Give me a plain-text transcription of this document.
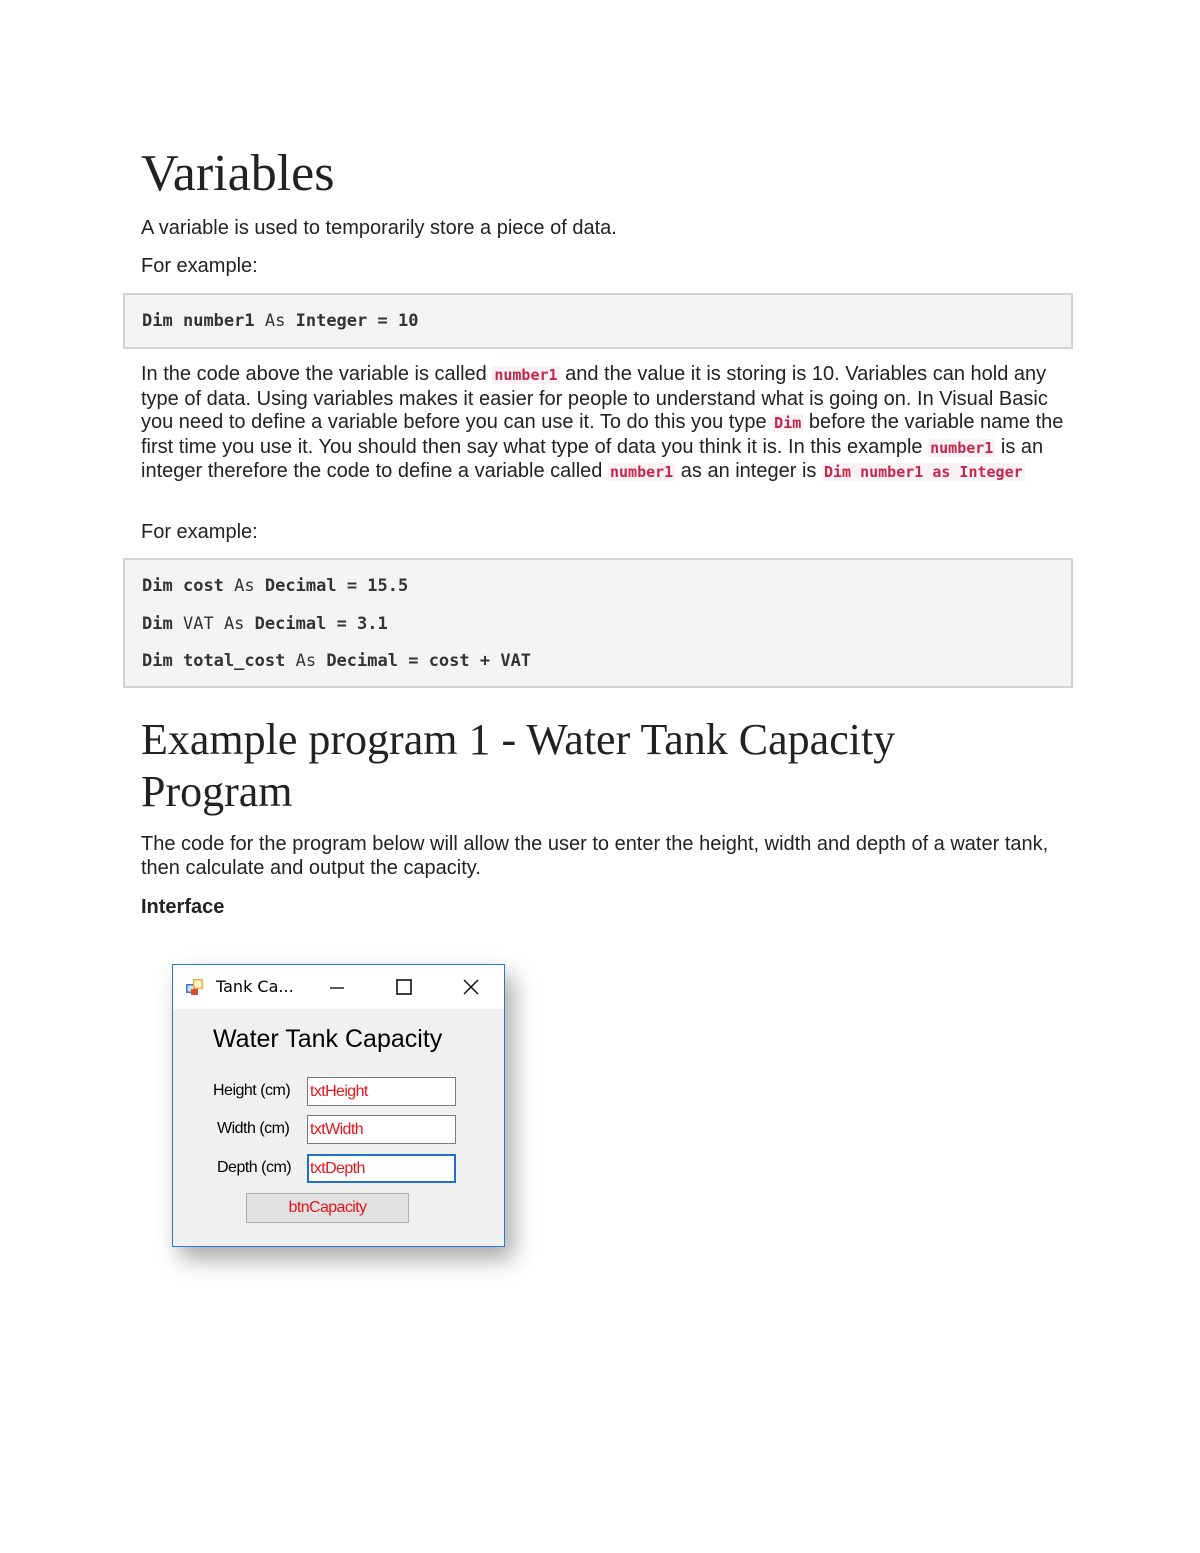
Variables

A variable is used to temporarily store a piece of data.

For example:

Dim number1 As Integer = 10

In the code above the variable is called number1 and the value it is storing is 10. Variables can hold any type of data. Using variables makes it easier for people to understand what is going on. In Visual Basic you need to define a variable before you can use it. To do this you type Dim before the variable name the first time you use it. You should then say what type of data you think it is. In this example number1 is an integer therefore the code to define a variable called number1 as an integer is Dim number1 as Integer

For example:

Dim cost As Decimal = 15.5
Dim VAT As Decimal = 3.1
Dim total_cost As Decimal = cost + VAT
Example program 1 - Water Tank Capacity Program

The code for the program below will allow the user to enter the height, width and depth of a water tank, then calculate and output the capacity.

Interface

Tank Ca...
Water Tank Capacity
Height (cm) txtHeight
Width (cm) txtWidth
Depth (cm) txtDepth
btnCapacity
